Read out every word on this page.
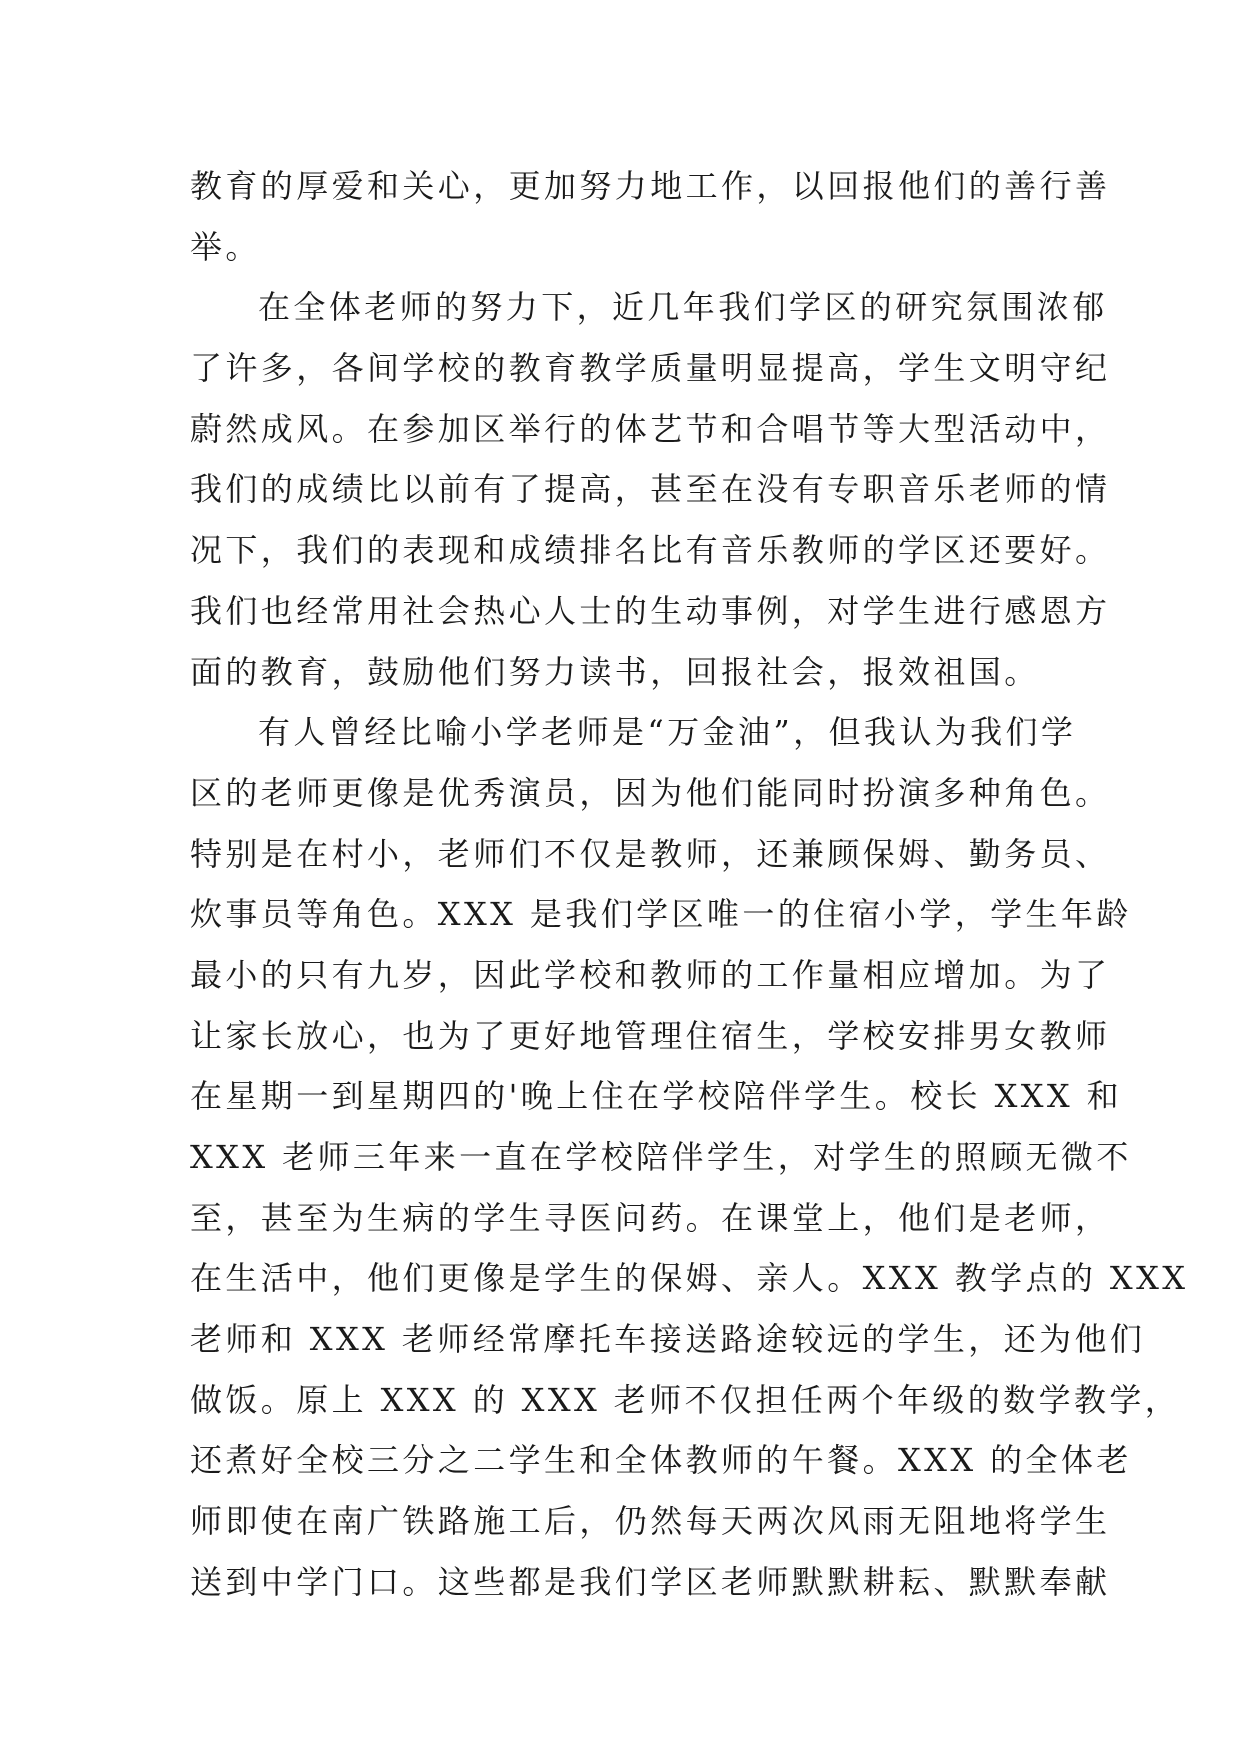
教育的厚爱和关心，更加努力地工作，以回报他们的善行善
举。
在全体老师的努力下，近几年我们学区的研究氛围浓郁
了许多，各间学校的教育教学质量明显提高，学生文明守纪
蔚然成风。在参加区举行的体艺节和合唱节等大型活动中，
我们的成绩比以前有了提高，甚至在没有专职音乐老师的情
况下，我们的表现和成绩排名比有音乐教师的学区还要好。
我们也经常用社会热心人士的生动事例，对学生进行感恩方
面的教育，鼓励他们努力读书，回报社会，报效祖国。
有人曾经比喻小学老师是“万金油”，但我认为我们学
区的老师更像是优秀演员，因为他们能同时扮演多种角色。
特别是在村小，老师们不仅是教师，还兼顾保姆、勤务员、
炊事员等角色。XXX 是我们学区唯一的住宿小学，学生年龄
最小的只有九岁，因此学校和教师的工作量相应增加。为了
让家长放心，也为了更好地管理住宿生，学校安排男女教师
在星期一到星期四的'晚上住在学校陪伴学生。校长 XXX 和
XXX 老师三年来一直在学校陪伴学生，对学生的照顾无微不
至，甚至为生病的学生寻医问药。在课堂上，他们是老师，
在生活中，他们更像是学生的保姆、亲人。XXX 教学点的 XXX
老师和 XXX 老师经常摩托车接送路途较远的学生，还为他们
做饭。原上 XXX 的 XXX 老师不仅担任两个年级的数学教学，
还煮好全校三分之二学生和全体教师的午餐。XXX 的全体老
师即使在南广铁路施工后，仍然每天两次风雨无阻地将学生
送到中学门口。这些都是我们学区老师默默耕耘、默默奉献
